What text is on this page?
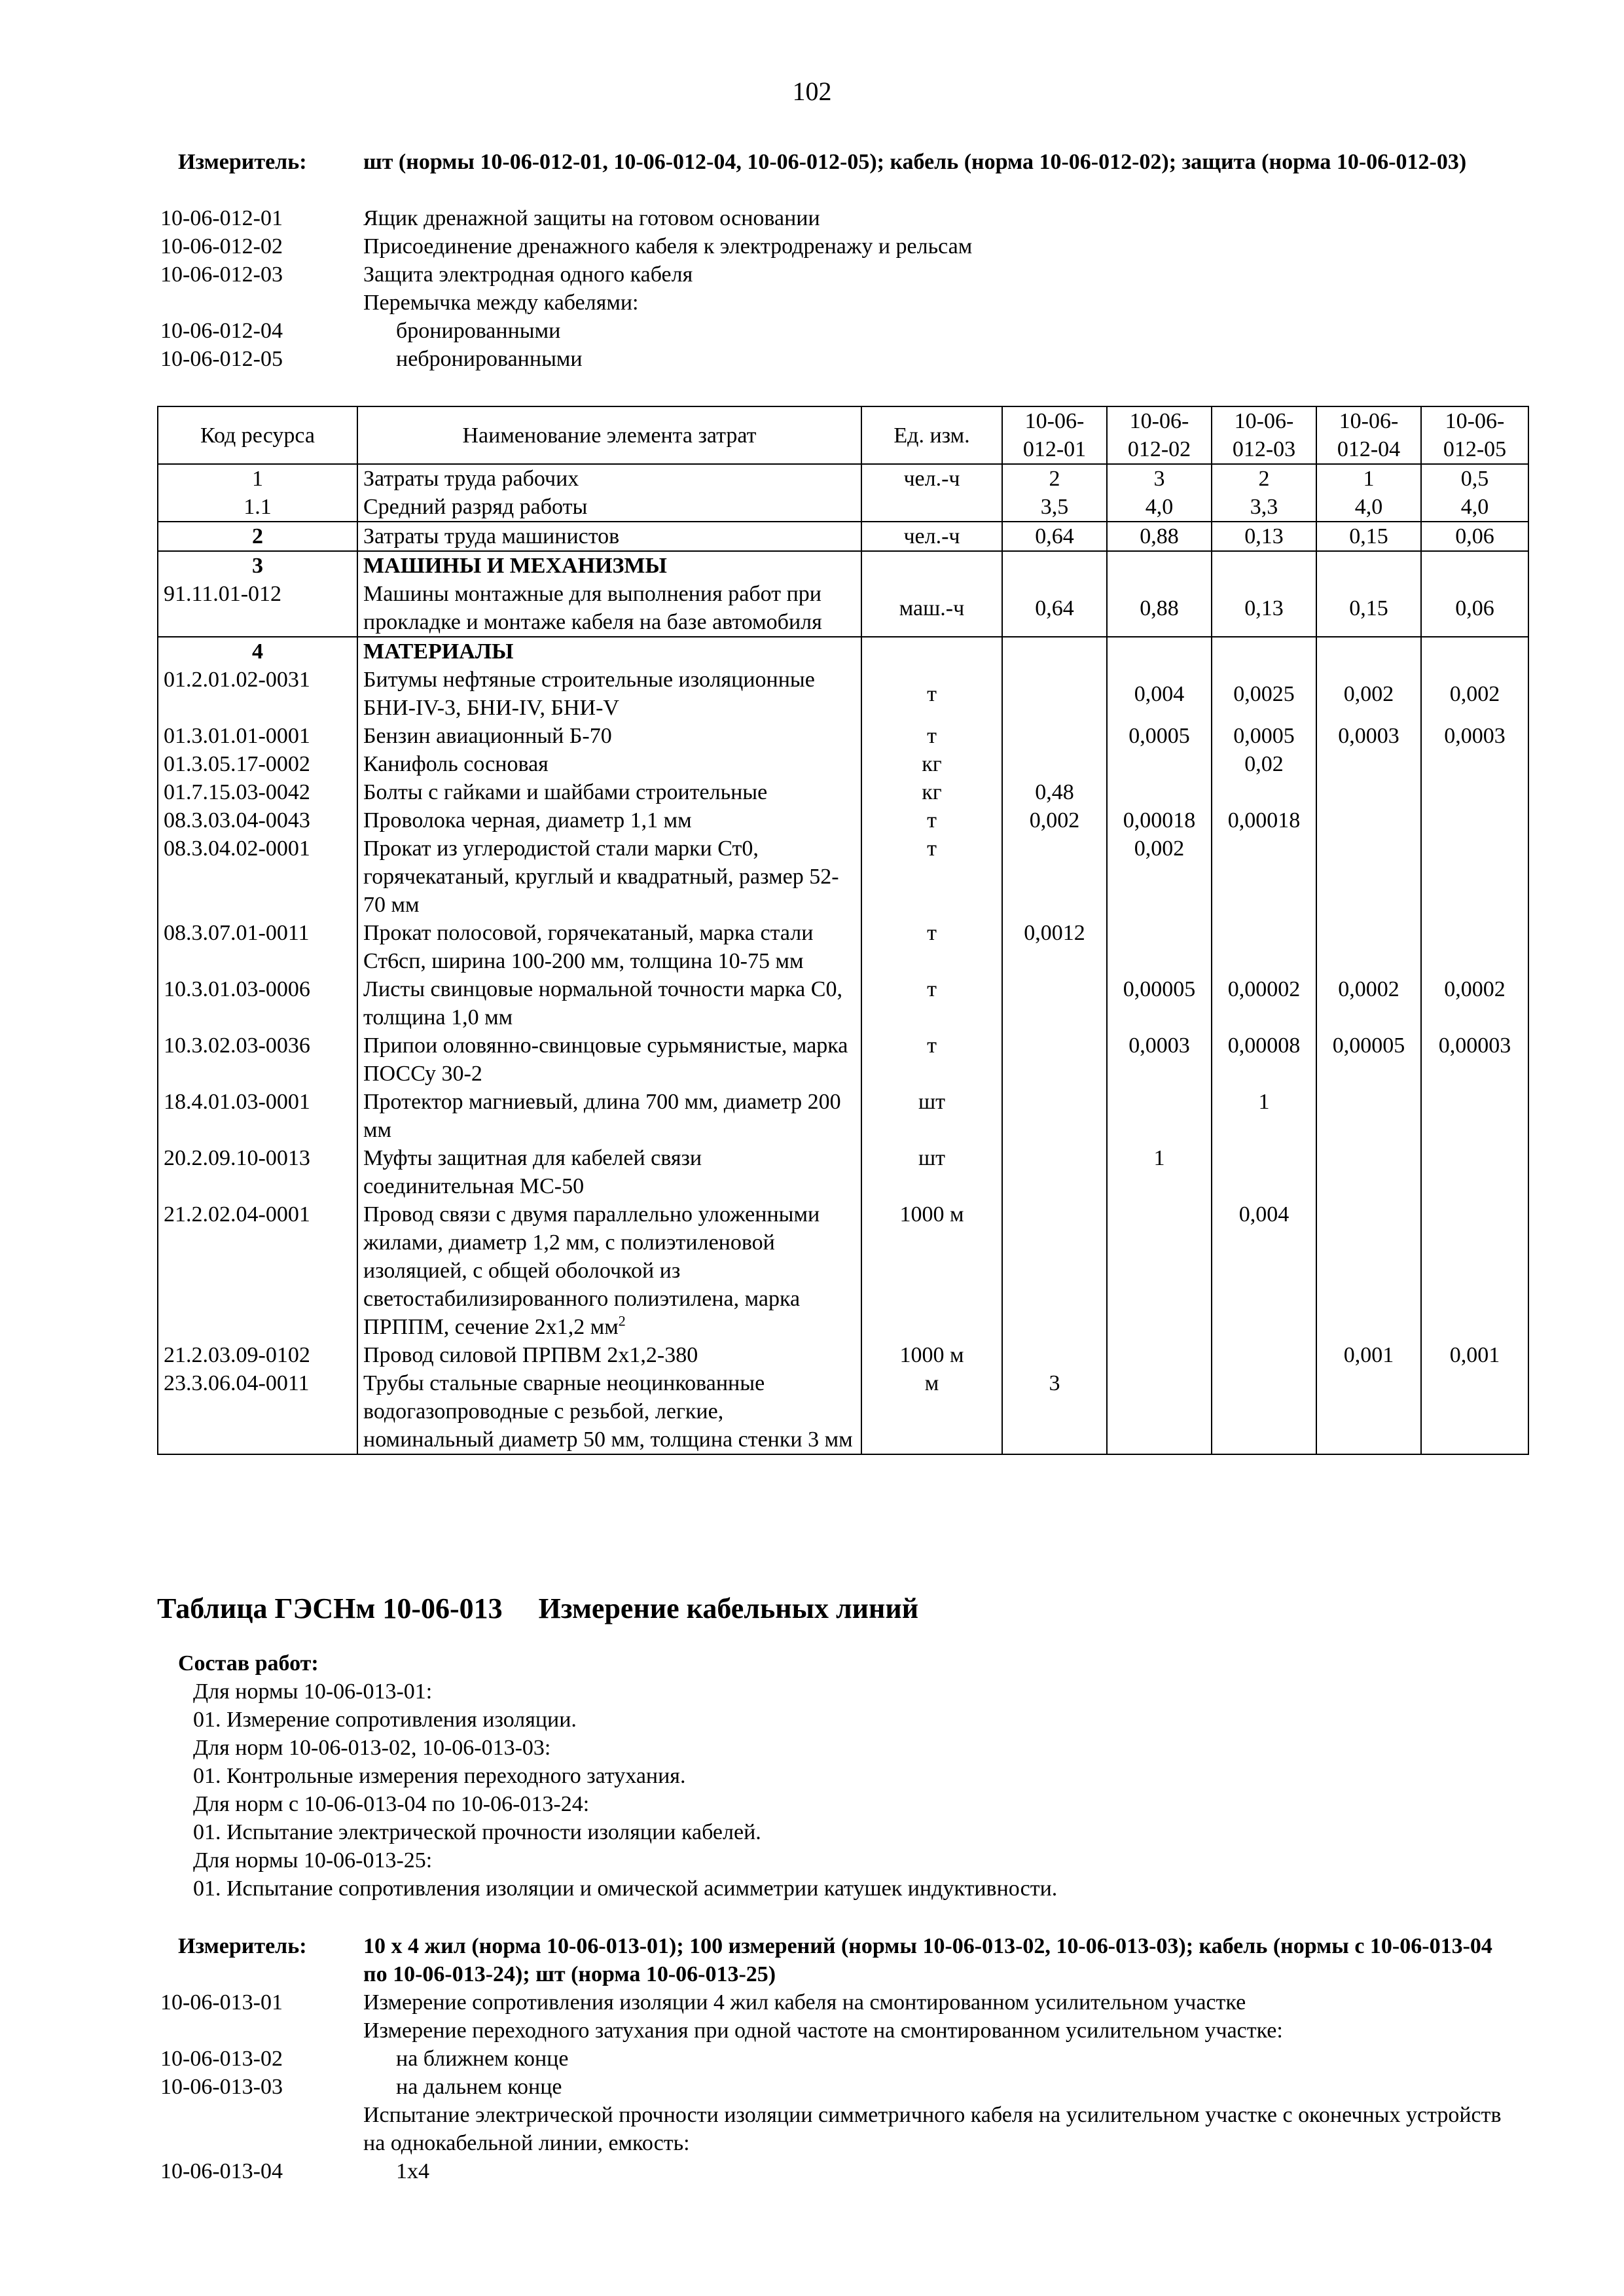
102
Измеритель:	шт (нормы 10-06-012-01, 10-06-012-04, 10-06-012-05); кабель (норма 10-06-012-02); защита (норма 10-06-012-03)
10-06-012-01	Ящик дренажной защиты на готовом основании
10-06-012-02	Присоединение дренажного кабеля к электродренажу и рельсам
10-06-012-03	Защита электродная одного кабеля
Перемычка между кабелями:
10-06-012-04	бронированными
10-06-012-05	небронированными
Код ресурса	Наименование элемента затрат	Ед. изм.	10-06-012-01	10-06-012-02	10-06-012-03	10-06-012-04	10-06-012-05
1	Затраты труда рабочих	чел.-ч	2	3	2	1	0,5
1.1	Средний разряд работы		3,5	4,0	3,3	4,0	4,0
2	Затраты труда машинистов	чел.-ч	0,64	0,88	0,13	0,15	0,06
3	МАШИНЫ И МЕХАНИЗМЫ						
91.11.01-012	Машины монтажные для выполнения работ при прокладке и монтаже кабеля на базе автомобиля	маш.-ч	0,64	0,88	0,13	0,15	0,06
4	МАТЕРИАЛЫ						
01.2.01.02-0031	Битумы нефтяные строительные изоляционные БНИ-IV-3, БНИ-IV, БНИ-V	т		0,004	0,0025	0,002	0,002
01.3.01.01-0001	Бензин авиационный Б-70	т		0,0005	0,0005	0,0003	0,0003
01.3.05.17-0002	Канифоль сосновая	кг			0,02		
01.7.15.03-0042	Болты с гайками и шайбами строительные	кг	0,48				
08.3.03.04-0043	Проволока черная, диаметр 1,1 мм	т	0,002	0,00018	0,00018		
08.3.04.02-0001	Прокат из углеродистой стали марки Ст0, горячекатаный, круглый и квадратный, размер 52-70 мм	т		0,002			
08.3.07.01-0011	Прокат полосовой, горячекатаный, марка стали Ст6сп, ширина 100-200 мм, толщина 10-75 мм	т	0,0012				
10.3.01.03-0006	Листы свинцовые нормальной точности марка С0, толщина 1,0 мм	т		0,00005	0,00002	0,0002	0,0002
10.3.02.03-0036	Припои оловянно-свинцовые сурьмянистые, марка ПОССу 30-2	т		0,0003	0,00008	0,00005	0,00003
18.4.01.03-0001	Протектор магниевый, длина 700 мм, диаметр 200 мм	шт			1		
20.2.09.10-0013	Муфты защитная для кабелей связи соединительная МС-50	шт		1			
21.2.02.04-0001	Провод связи с двумя параллельно уложенными жилами, диаметр 1,2 мм, с полиэтиленовой изоляцией, с общей оболочкой из светостабилизированного полиэтилена, марка ПРППМ, сечение 2x1,2 $мм^2$	1000 м			0,004		
21.2.03.09-0102	Провод силовой ПРПВМ 2x1,2-380	1000 м				0,001	0,001
23.3.06.04-0011	Трубы стальные сварные неоцинкованные водогазопроводные с резьбой, легкие, номинальный диаметр 50 мм, толщина стенки 3 мм	м	3				
Таблица ГЭСНм 10-06-013     Измерение кабельных линий
Состав работ:
Для нормы 10-06-013-01:
01. Измерение сопротивления изоляции.
Для норм 10-06-013-02, 10-06-013-03:
01. Контрольные измерения переходного затухания.
Для норм с 10-06-013-04 по 10-06-013-24:
01. Испытание электрической прочности изоляции кабелей.
Для нормы 10-06-013-25:
01. Испытание сопротивления изоляции и омической асимметрии катушек индуктивности.
Измеритель:	10 х 4 жил (норма 10-06-013-01); 100 измерений (нормы 10-06-013-02, 10-06-013-03); кабель (нормы с 10-06-013-04 по 10-06-013-24); шт (норма 10-06-013-25)
10-06-013-01	Измерение сопротивления изоляции 4 жил кабеля на смонтированном усилительном участке
Измерение переходного затухания при одной частоте на смонтированном усилительном участке:
10-06-013-02	на ближнем конце
10-06-013-03	на дальнем конце
Испытание электрической прочности изоляции симметричного кабеля на усилительном участке с оконечных устройств на однокабельной линии, емкость:
10-06-013-04	1x4
